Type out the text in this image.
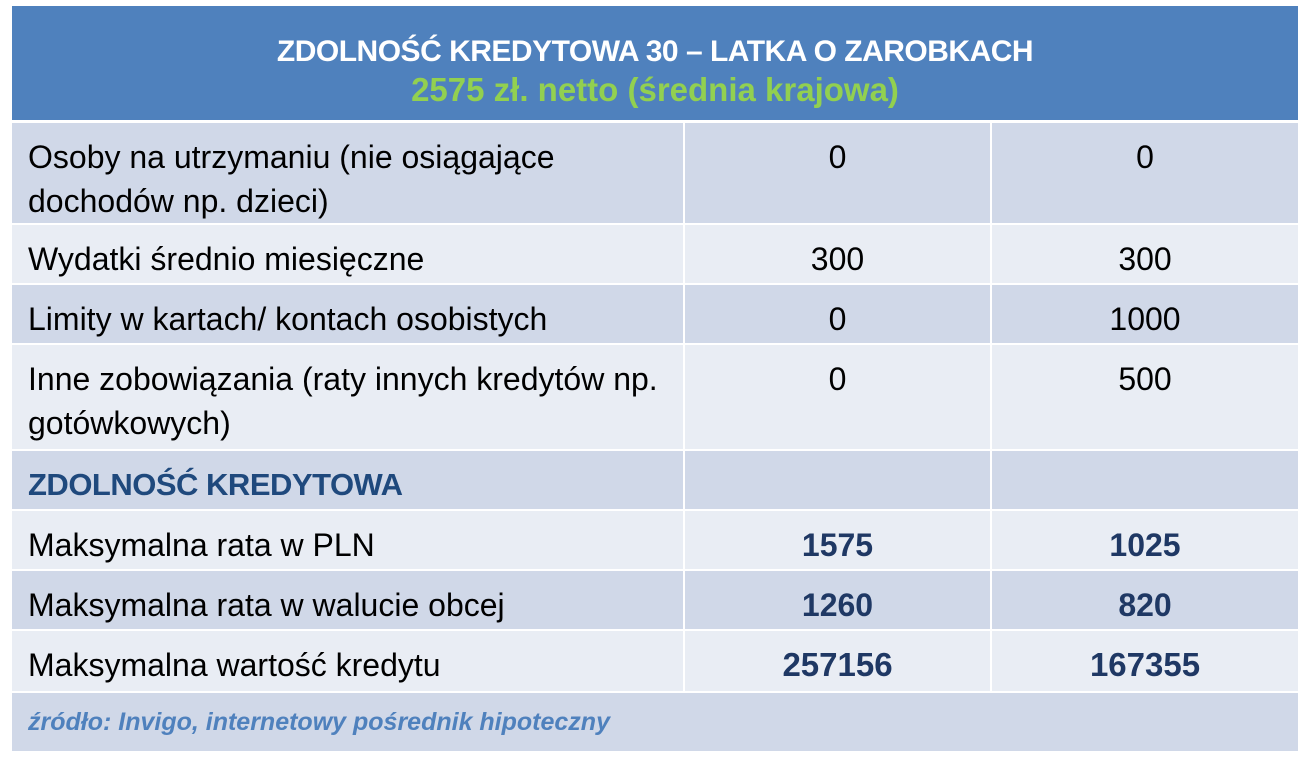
ZDOLNOŚĆ KREDYTOWA 30 – LATKA O ZAROBKACH
2575 zł. netto (średnia krajowa)		

Osoby na utrzymaniu (nie osiągające dochodów np. dzieci)	0	0
Wydatki średnio miesięczne	300	300
Limity w kartach/ kontach osobistych	0	1000
Inne zobowiązania (raty innych kredytów np. gotówkowych)	0	500
ZDOLNOŚĆ KREDYTOWA		
Maksymalna rata w PLN	1575	1025
Maksymalna rata w walucie obcej	1260	820
Maksymalna wartość kredytu	257156	167355
źródło: Invigo, internetowy pośrednik hipoteczny		
